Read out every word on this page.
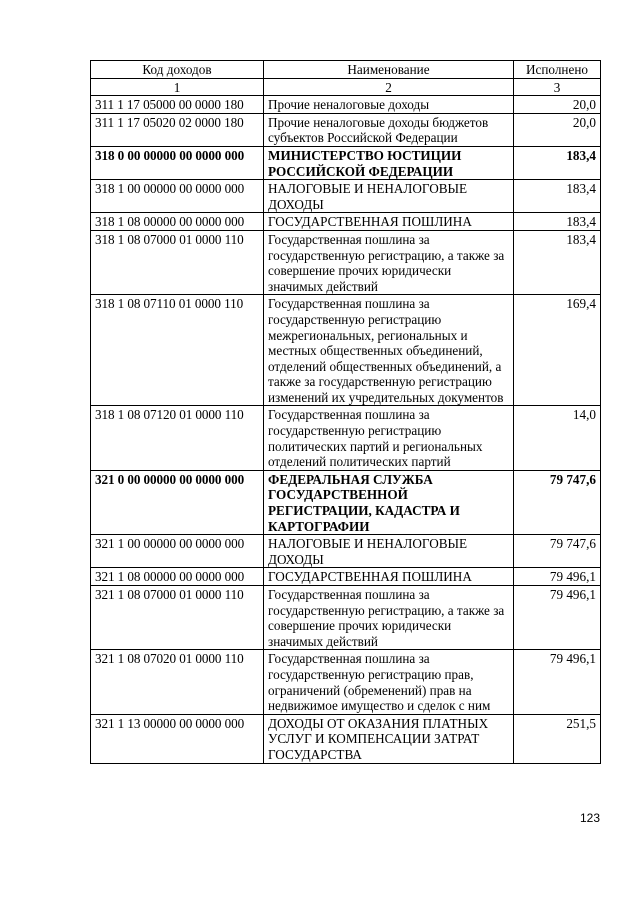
Код доходов	Наименование	Исполнено
1	2	3
311 1 17 05000 00 0000 180	Прочие неналоговые доходы	20,0
311 1 17 05020 02 0000 180	Прочие неналоговые доходы бюджетов субъектов Российской Федерации	20,0
318 0 00 00000 00 0000 000	МИНИСТЕРСТВО ЮСТИЦИИ РОССИЙСКОЙ ФЕДЕРАЦИИ	183,4
318 1 00 00000 00 0000 000	НАЛОГОВЫЕ И НЕНАЛОГОВЫЕ ДОХОДЫ	183,4
318 1 08 00000 00 0000 000	ГОСУДАРСТВЕННАЯ ПОШЛИНА	183,4
318 1 08 07000 01 0000 110	Государственная пошлина за государственную регистрацию, а также за совершение прочих юридически значимых действий	183,4
318 1 08 07110 01 0000 110	Государственная пошлина за государственную регистрацию межрегиональных, региональных и местных общественных объединений, отделений общественных объединений, а также за государственную регистрацию изменений их учредительных документов	169,4
318 1 08 07120 01 0000 110	Государственная пошлина за государственную регистрацию политических партий и региональных отделений политических партий	14,0
321 0 00 00000 00 0000 000	ФЕДЕРАЛЬНАЯ СЛУЖБА ГОСУДАРСТВЕННОЙ РЕГИСТРАЦИИ, КАДАСТРА И КАРТОГРАФИИ	79 747,6
321 1 00 00000 00 0000 000	НАЛОГОВЫЕ И НЕНАЛОГОВЫЕ ДОХОДЫ	79 747,6
321 1 08 00000 00 0000 000	ГОСУДАРСТВЕННАЯ ПОШЛИНА	79 496,1
321 1 08 07000 01 0000 110	Государственная пошлина за государственную регистрацию, а также за совершение прочих юридически значимых действий	79 496,1
321 1 08 07020 01 0000 110	Государственная пошлина за государственную регистрацию прав, ограничений (обременений) прав на недвижимое имущество и сделок с ним	79 496,1
321 1 13 00000 00 0000 000	ДОХОДЫ ОТ ОКАЗАНИЯ ПЛАТНЫХ УСЛУГ И КОМПЕНСАЦИИ ЗАТРАТ ГОСУДАРСТВА	251,5
123
